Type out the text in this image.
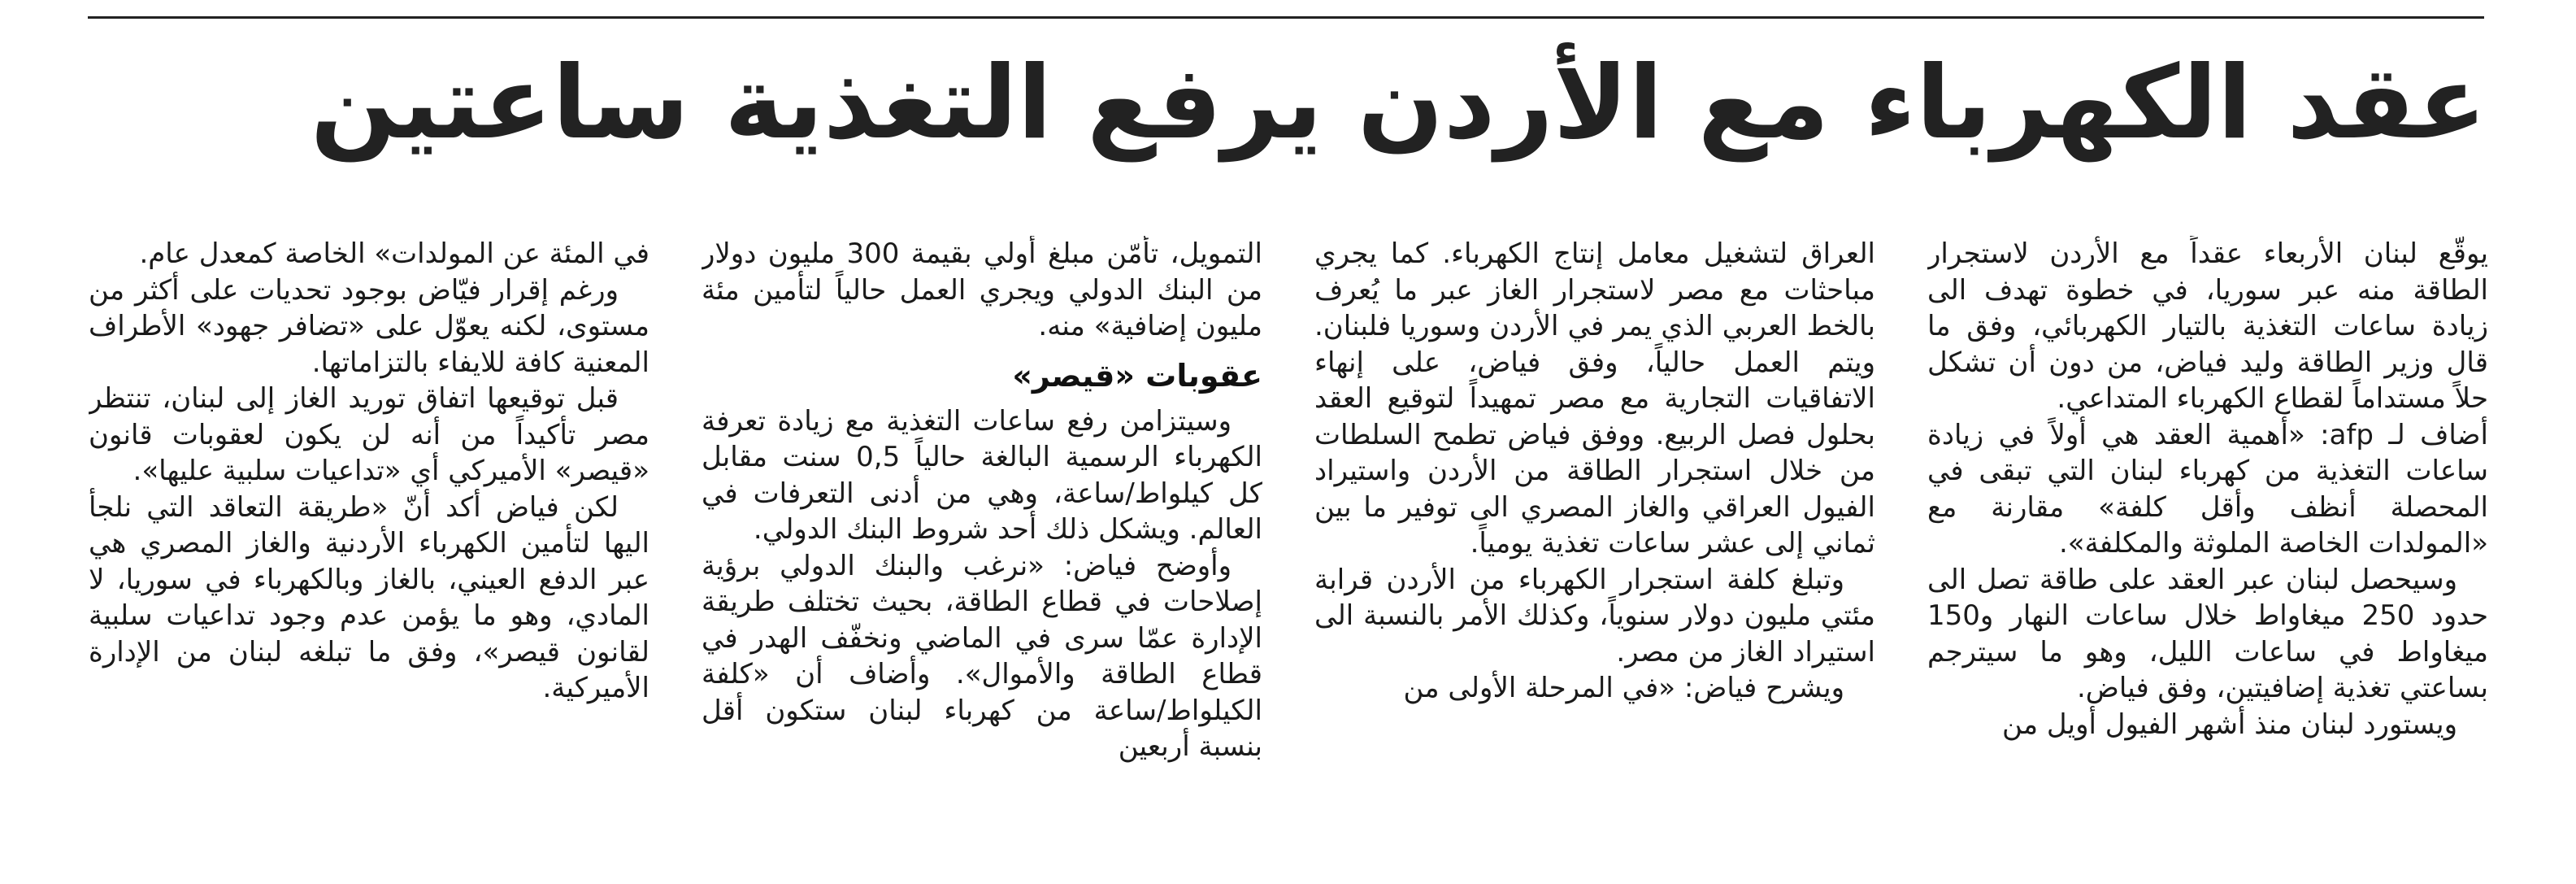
عقد الكهرباء مع الأردن يرفع التغذية ساعتين

يوقّع لبنان الأربعاء عقداً مع الأردن لاستجرار الطاقة منه عبر سوريا، في خطوة تهدف الى زيادة ساعات التغذية بالتيار الكهربائي، وفق ما قال وزير الطاقة وليد فياض، من دون أن تشكل حلاً مستداماً لقطاع الكهرباء المتداعي.

أضاف لـ afp: «أهمية العقد هي أولاً في زيادة ساعات التغذية من كهرباء لبنان التي تبقى في المحصلة أنظف وأقل كلفة» مقارنة مع «المولدات الخاصة الملوثة والمكلفة».

وسيحصل لبنان عبر العقد على طاقة تصل الى حدود 250 ميغاواط خلال ساعات النهار و150 ميغاواط في ساعات الليل، وهو ما سيترجم بساعتي تغذية إضافيتين، وفق فياض.

ويستورد لبنان منذ أشهر الفيول أويل من

العراق لتشغيل معامل إنتاج الكهرباء. كما يجري مباحثات مع مصر لاستجرار الغاز عبر ما يُعرف بالخط العربي الذي يمر في الأردن وسوريا فلبنان. ويتم العمل حالياً، وفق فياض، على إنهاء الاتفاقيات التجارية مع مصر تمهيداً لتوقيع العقد بحلول فصل الربيع. ووفق فياض تطمح السلطات من خلال استجرار الطاقة من الأردن واستيراد الفيول العراقي والغاز المصري الى توفير ما بين ثماني إلى عشر ساعات تغذية يومياً.

وتبلغ كلفة استجرار الكهرباء من الأردن قرابة مئتي مليون دولار سنوياً، وكذلك الأمر بالنسبة الى استيراد الغاز من مصر.

ويشرح فياض: «في المرحلة الأولى من

التمويل، تأمّن مبلغ أولي بقيمة 300 مليون دولار من البنك الدولي ويجري العمل حالياً لتأمين مئة مليون إضافية» منه.

عقوبات «قيصر»

وسيتزامن رفع ساعات التغذية مع زيادة تعرفة الكهرباء الرسمية البالغة حالياً 0,5 سنت مقابل كل كيلواط/ساعة، وهي من أدنى التعرفات في العالم. ويشكل ذلك أحد شروط البنك الدولي.

وأوضح فياض: «نرغب والبنك الدولي برؤية إصلاحات في قطاع الطاقة، بحيث تختلف طريقة الإدارة عمّا سرى في الماضي ونخفّف الهدر في قطاع الطاقة والأموال». وأضاف أن «كلفة الكيلواط/ساعة من كهرباء لبنان ستكون أقل بنسبة أربعين

في المئة عن المولدات» الخاصة كمعدل عام.

ورغم إقرار فيّاض بوجود تحديات على أكثر من مستوى، لكنه يعوّل على «تضافر جهود» الأطراف المعنية كافة للايفاء بالتزاماتها.

قبل توقيعها اتفاق توريد الغاز إلى لبنان، تنتظر مصر تأكيداً من أنه لن يكون لعقوبات قانون «قيصر» الأميركي أي «تداعيات سلبية عليها».

لكن فياض أكد أنّ «طريقة التعاقد التي نلجأ اليها لتأمين الكهرباء الأردنية والغاز المصري هي عبر الدفع العيني، بالغاز وبالكهرباء في سوريا، لا المادي، وهو ما يؤمن عدم وجود تداعيات سلبية لقانون قيصر»، وفق ما تبلغه لبنان من الإدارة الأميركية.
